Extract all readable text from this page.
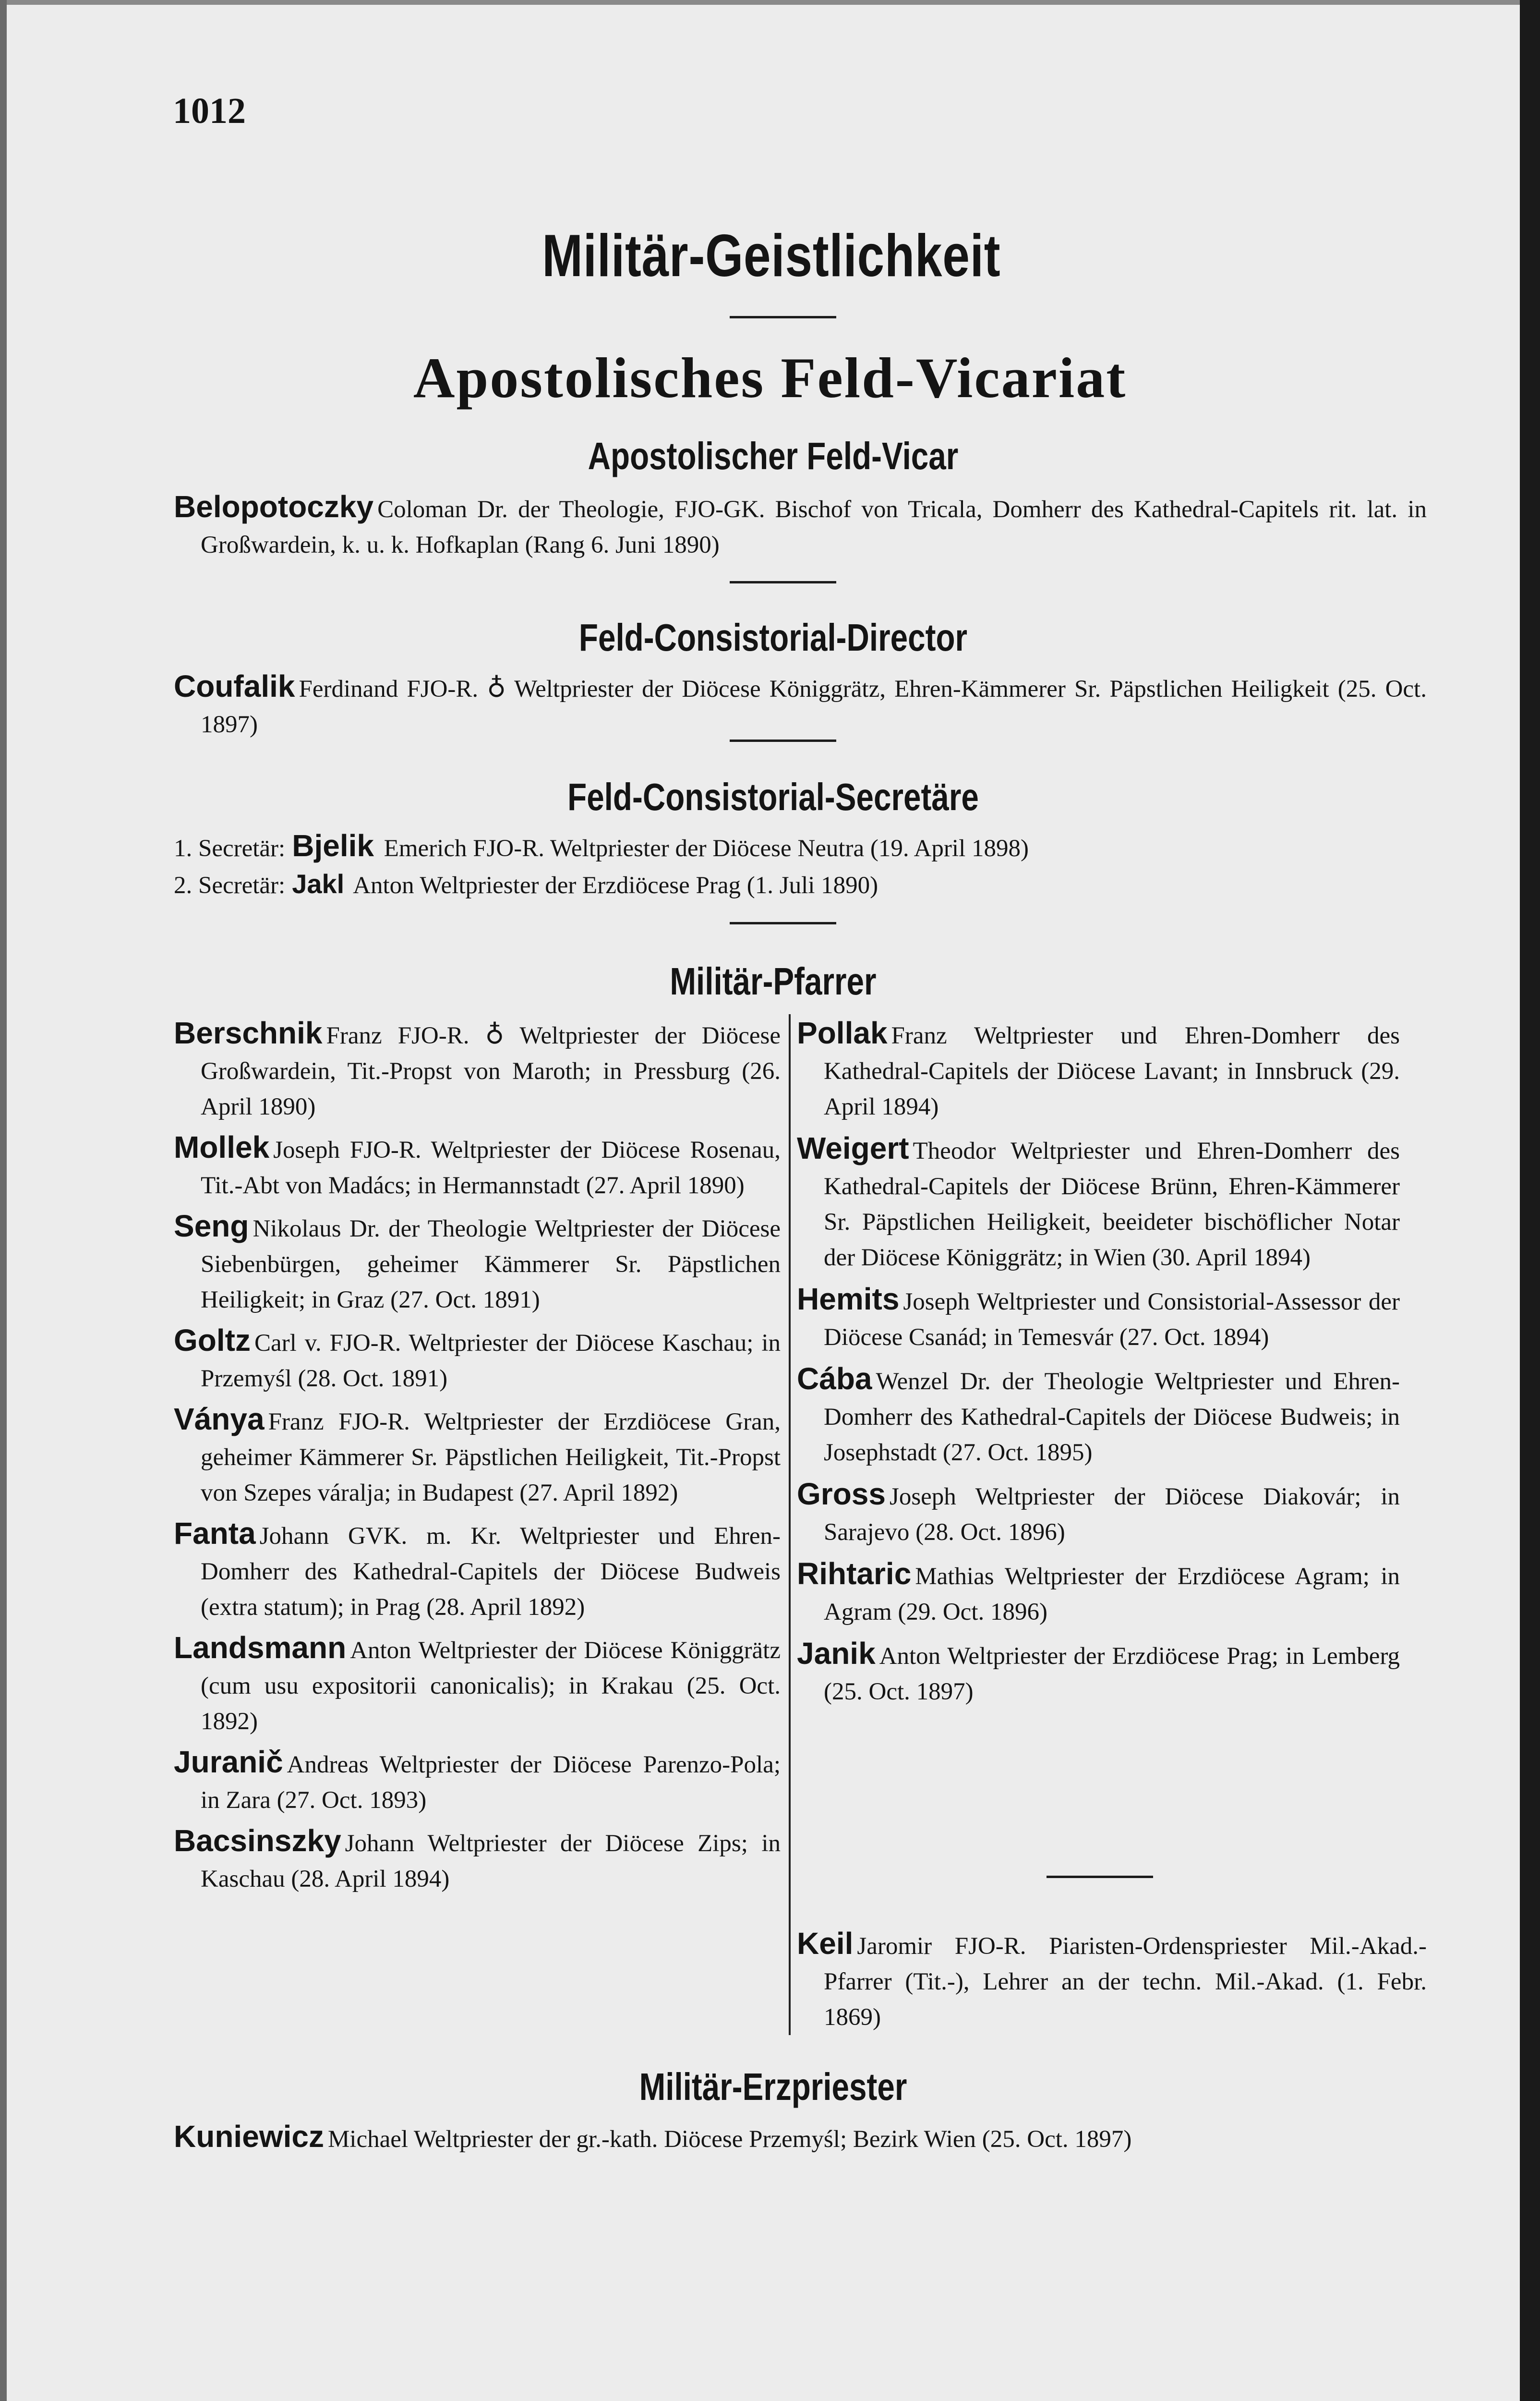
1012
Militär-Geistlichkeit
Apostolisches Feld-Vicariat
Apostolischer Feld-Vicar

Belopotoczky Coloman Dr. der Theologie, FJO-GK. Bischof von Tricala, Domherr des Kathedral-Capitels rit. lat. in Großwardein, k. u. k. Hofkaplan (Rang 6. Juni 1890)

Feld-Consistorial-Director

Coufalik Ferdinand FJO-R. ♁ Weltpriester der Diöcese Königgrätz, Ehren-Kämmerer Sr. Päpstlichen Heiligkeit (25. Oct. 1897)

Feld-Consistorial-Secretäre
1. Secretär: Bjelik Emerich FJO-R. Weltpriester der Diöcese Neutra (19. April 1898)
2. Secretär: Jakl Anton Weltpriester der Erzdiöcese Prag (1. Juli 1890)
Militär-Pfarrer

Berschnik Franz FJO-R. ♁ Weltpriester der Diöcese Großwardein, Tit.-Propst von Maroth; in Pressburg (26. April 1890)

Mollek Joseph FJO-R. Weltpriester der Diöcese Rosenau, Tit.-Abt von Madács; in Hermannstadt (27. April 1890)

Seng Nikolaus Dr. der Theologie Weltpriester der Diöcese Siebenbürgen, geheimer Kämmerer Sr. Päpstlichen Heiligkeit; in Graz (27. Oct. 1891)

Goltz Carl v. FJO-R. Weltpriester der Diöcese Kaschau; in Przemyśl (28. Oct. 1891)

Ványa Franz FJO-R. Weltpriester der Erzdiöcese Gran, geheimer Kämmerer Sr. Päpstlichen Heiligkeit, Tit.-Propst von Szepes váralja; in Budapest (27. April 1892)

Fanta Johann GVK. m. Kr. Weltpriester und Ehren-Domherr des Kathedral-Capitels der Diöcese Budweis (extra statum); in Prag (28. April 1892)

Landsmann Anton Weltpriester der Diöcese Königgrätz (cum usu expositorii canonicalis); in Krakau (25. Oct. 1892)

Juranič Andreas Weltpriester der Diöcese Parenzo-Pola; in Zara (27. Oct. 1893)

Bacsinszky Johann Weltpriester der Diöcese Zips; in Kaschau (28. April 1894)

Pollak Franz Weltpriester und Ehren-Domherr des Kathedral-Capitels der Diöcese Lavant; in Innsbruck (29. April 1894)

Weigert Theodor Weltpriester und Ehren-Domherr des Kathedral-Capitels der Diöcese Brünn, Ehren-Kämmerer Sr. Päpstlichen Heiligkeit, beeideter bischöflicher Notar der Diöcese Königgrätz; in Wien (30. April 1894)

Hemits Joseph Weltpriester und Consistorial-Assessor der Diöcese Csanád; in Temesvár (27. Oct. 1894)

Cába Wenzel Dr. der Theologie Weltpriester und Ehren-Domherr des Kathedral-Capitels der Diöcese Budweis; in Josephstadt (27. Oct. 1895)

Gross Joseph Weltpriester der Diöcese Diakovár; in Sarajevo (28. Oct. 1896)

Rihtaric Mathias Weltpriester der Erzdiöcese Agram; in Agram (29. Oct. 1896)

Janik Anton Weltpriester der Erzdiöcese Prag; in Lemberg (25. Oct. 1897)

Keil Jaromir FJO-R. Piaristen-Ordenspriester Mil.-Akad.-Pfarrer (Tit.-), Lehrer an der techn. Mil.-Akad. (1. Febr. 1869)

Militär-Erzpriester

Kuniewicz Michael Weltpriester der gr.-kath. Diöcese Przemyśl; Bezirk Wien (25. Oct. 1897)
